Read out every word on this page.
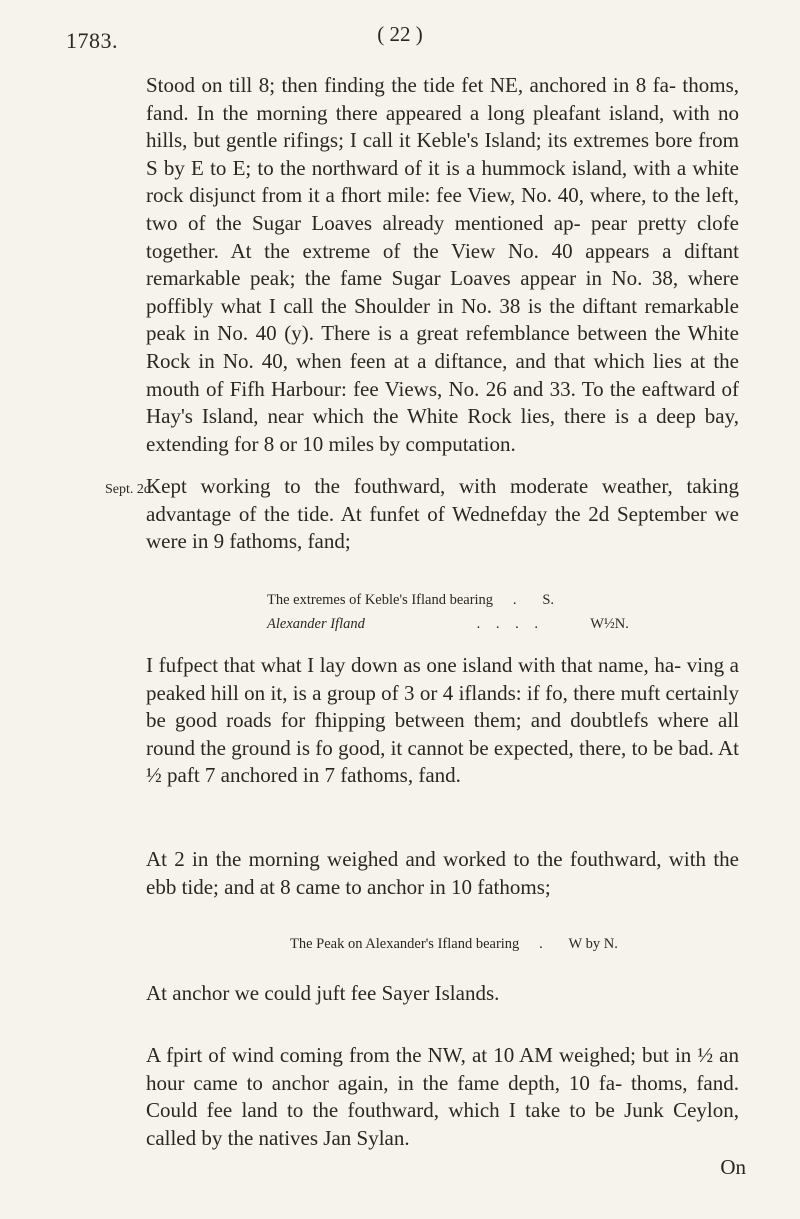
1783.	( 22 )

Stood on till 8; then finding the tide fet NE, anchored in 8 fa- thoms, fand. In the morning there appeared a long pleafant island, with no hills, but gentle rifings; I call it Keble's Island; its extremes bore from S by E to E; to the northward of it is a hummock island, with a white rock disjunct from it a fhort mile: fee View, No. 40, where, to the left, two of the Sugar Loaves already mentioned ap- pear pretty clofe together. At the extreme of the View No. 40 appears a diftant remarkable peak; the fame Sugar Loaves appear in No. 38, where poffibly what I call the Shoulder in No. 38 is the diftant remarkable peak in No. 40 (y). There is a great refemblance between the White Rock in No. 40, when feen at a diftance, and that which lies at the mouth of Fifh Harbour: fee Views, No. 26 and 33. To the eaftward of Hay's Island, near which the White Rock lies, there is a deep bay, extending for 8 or 10 miles by computation.

Sept. 2d.

Kept working to the fouthward, with moderate weather, taking advantage of the tide. At funfet of Wednefday the 2d September we were in 9 fathoms, fand;

The extremes of Keble's Ifland bearing . S.
Alexander Ifland	. . . .	W½N.

I fufpect that what I lay down as one island with that name, ha- ving a peaked hill on it, is a group of 3 or 4 iflands: if fo, there muft certainly be good roads for fhipping between them; and doubtlefs where all round the ground is fo good, it cannot be expected, there, to be bad. At ½ paft 7 anchored in 7 fathoms, fand.

At 2 in the morning weighed and worked to the fouthward, with the ebb tide; and at 8 came to anchor in 10 fathoms;

The Peak on Alexander's Ifland bearing . W by N.

At anchor we could juft fee Sayer Islands.

A fpirt of wind coming from the NW, at 10 AM weighed; but in ½ an hour came to anchor again, in the fame depth, 10 fa- thoms, fand. Could fee land to the fouthward, which I take to be Junk Ceylon, called by the natives Jan Sylan.

On
